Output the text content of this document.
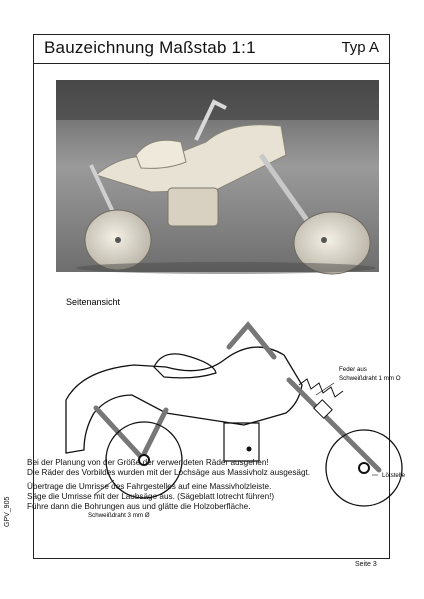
Bauzeichnung Maßstab 1:1	Typ A
Seitenansicht
Feder aus Schweißdraht 1 mm O
Lötstelle
Schweißdraht 3 mm Ø

Bei der Planung von der Größe der verwendeten Räder ausgehen!
Die Räder des Vorbildes wurden mit der Lochsäge aus Massivholz ausgesägt.

Übertrage die Umrisse des Fahrgestelles auf eine Massivholzleiste.
Säge die Umrisse mit der Laubsäge aus. (Sägeblatt lotrecht führen!)
Führe dann die Bohrungen aus und glätte die Holzoberfläche.

GPV_905
Seite 3
